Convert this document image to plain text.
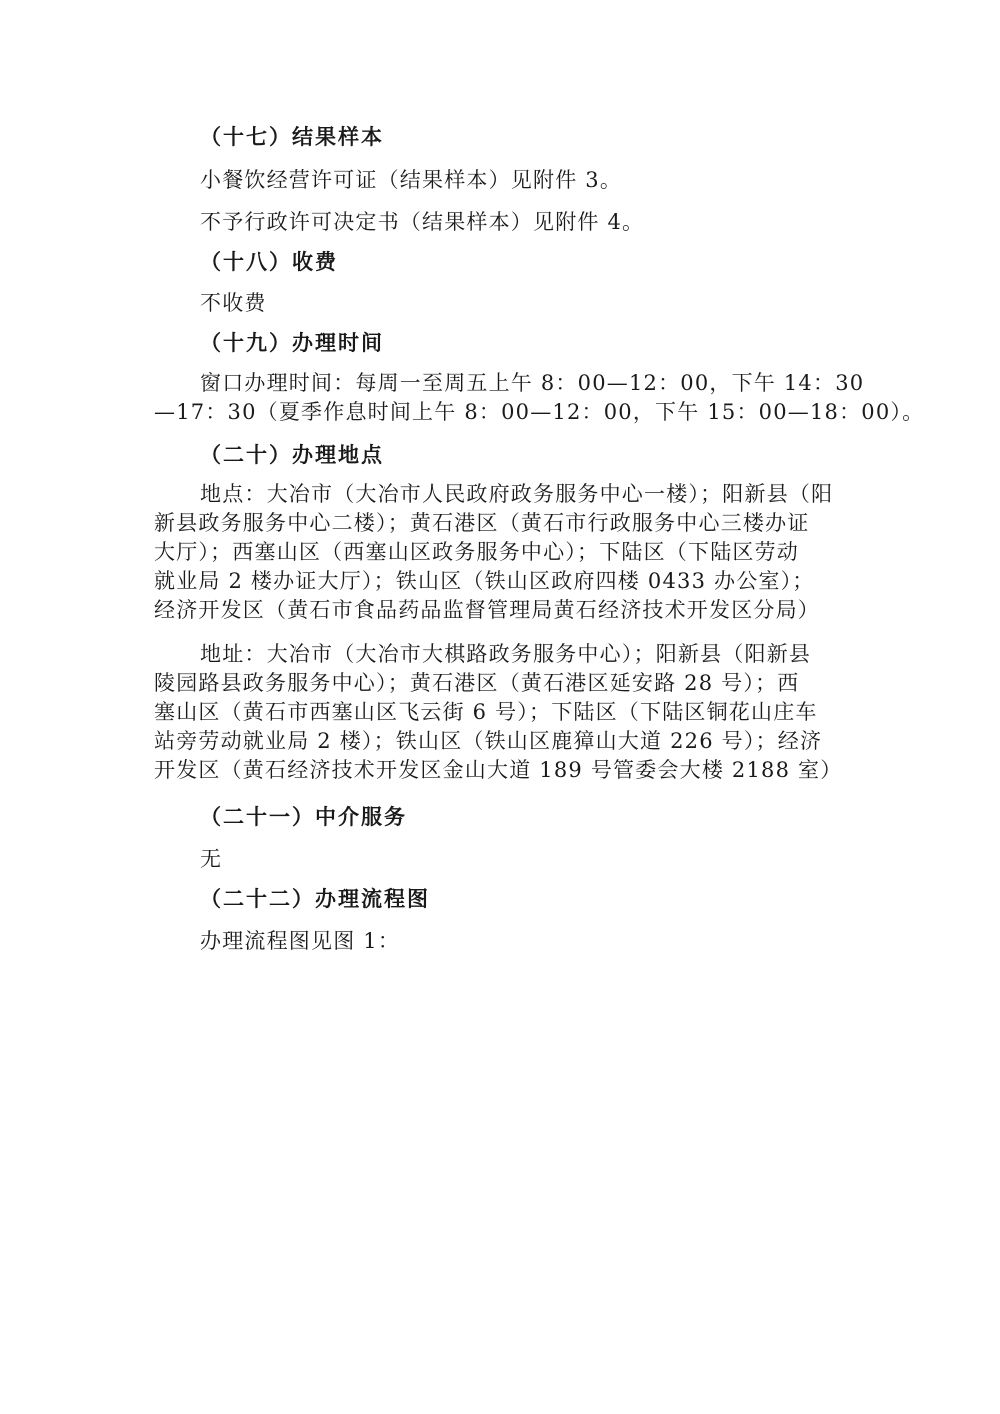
（十七）结果样本
小餐饮经营许可证（结果样本）见附件 3。
不予行政许可决定书（结果样本）见附件 4。
（十八）收费
不收费
（十九）办理时间
窗口办理时间：每周一至周五上午 8：00—12：00，下午 14：30
—17：30（夏季作息时间上午 8：00—12：00，下午 15：00—18：00）。
（二十）办理地点
地点：大冶市（大冶市人民政府政务服务中心一楼）；阳新县（阳
新县政务服务中心二楼）；黄石港区（黄石市行政服务中心三楼办证
大厅）；西塞山区（西塞山区政务服务中心）；下陆区（下陆区劳动
就业局 2 楼办证大厅）；铁山区（铁山区政府四楼 0433 办公室）；
经济开发区（黄石市食品药品监督管理局黄石经济技术开发区分局）
地址：大冶市（大冶市大棋路政务服务中心）；阳新县（阳新县
陵园路县政务服务中心）；黄石港区（黄石港区延安路 28 号）；西
塞山区（黄石市西塞山区飞云街 6 号）；下陆区（下陆区铜花山庄车
站旁劳动就业局 2 楼）；铁山区（铁山区鹿獐山大道 226 号）；经济
开发区（黄石经济技术开发区金山大道 189 号管委会大楼 2188 室）
（二十一）中介服务
无
（二十二）办理流程图
办理流程图见图 1：
